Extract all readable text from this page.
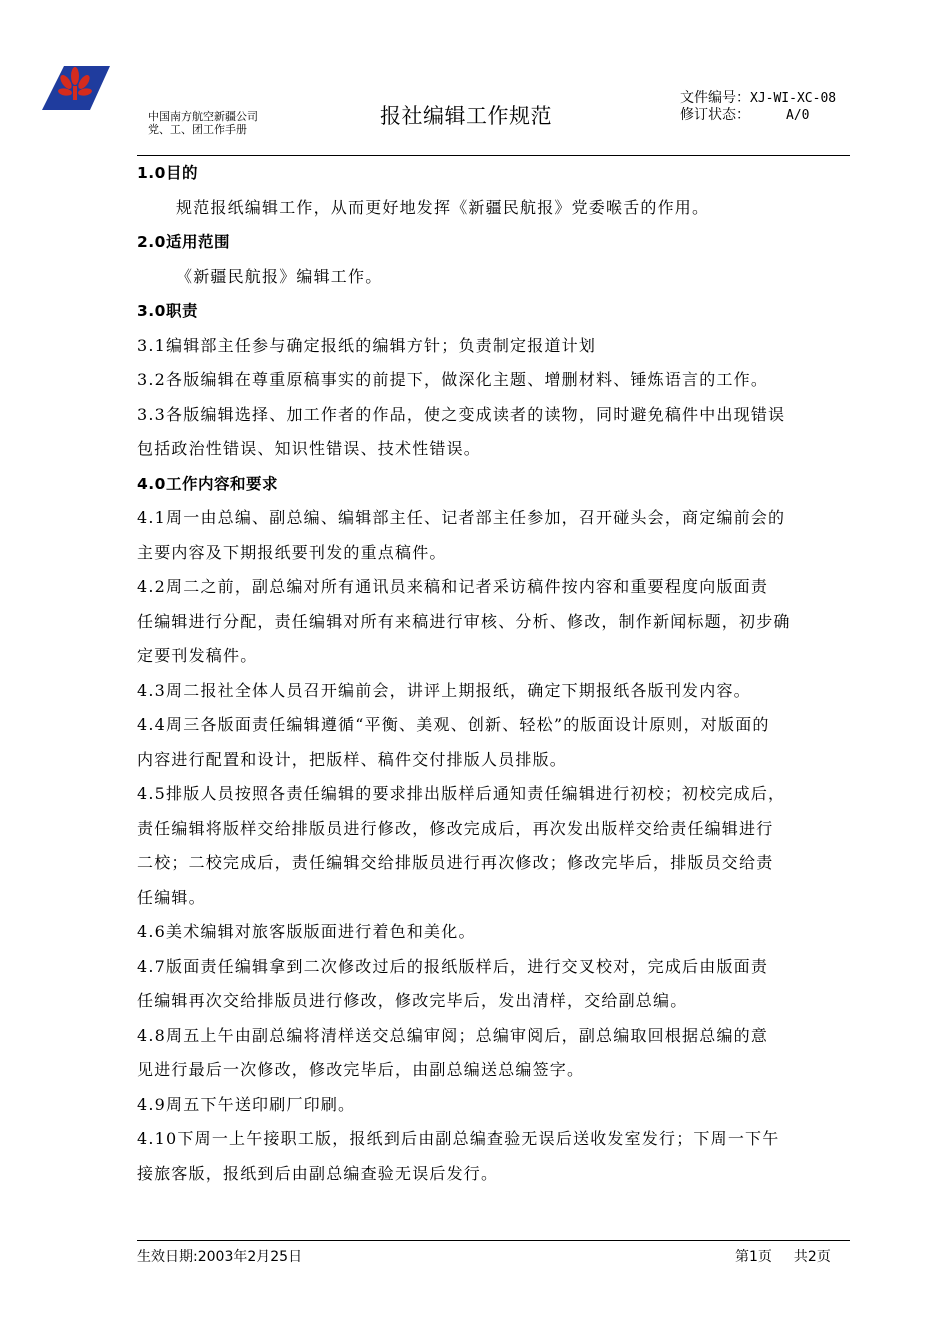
中国南方航空新疆公司
党、工、团工作手册
报社编辑工作规范
文件编号：XJ-WI-XC-08
修订状态：	A/0
1.0目的
规范报纸编辑工作，从而更好地发挥《新疆民航报》党委喉舌的作用。
2.0适用范围
《新疆民航报》编辑工作。
3.0职责
3.1编辑部主任参与确定报纸的编辑方针；负责制定报道计划
3.2各版编辑在尊重原稿事实的前提下，做深化主题、增删材料、锤炼语言的工作。
3.3各版编辑选择、加工作者的作品，使之变成读者的读物，同时避免稿件中出现错误
包括政治性错误、知识性错误、技术性错误。
4.0工作内容和要求
4.1周一由总编、副总编、编辑部主任、记者部主任参加，召开碰头会，商定编前会的
主要内容及下期报纸要刊发的重点稿件。
4.2周二之前，副总编对所有通讯员来稿和记者采访稿件按内容和重要程度向版面责
任编辑进行分配，责任编辑对所有来稿进行审核、分析、修改，制作新闻标题，初步确
定要刊发稿件。
4.3周二报社全体人员召开编前会，讲评上期报纸，确定下期报纸各版刊发内容。
4.4周三各版面责任编辑遵循“平衡、美观、创新、轻松”的版面设计原则，对版面的
内容进行配置和设计，把版样、稿件交付排版人员排版。
4.5排版人员按照各责任编辑的要求排出版样后通知责任编辑进行初校；初校完成后，
责任编辑将版样交给排版员进行修改，修改完成后，再次发出版样交给责任编辑进行
二校；二校完成后，责任编辑交给排版员进行再次修改；修改完毕后，排版员交给责
任编辑。
4.6美术编辑对旅客版版面进行着色和美化。
4.7版面责任编辑拿到二次修改过后的报纸版样后，进行交叉校对，完成后由版面责
任编辑再次交给排版员进行修改，修改完毕后，发出清样，交给副总编。
4.8周五上午由副总编将清样送交总编审阅；总编审阅后，副总编取回根据总编的意
见进行最后一次修改，修改完毕后，由副总编送总编签字。
4.9周五下午送印刷厂印刷。
4.10下周一上午接职工版，报纸到后由副总编查验无误后送收发室发行；下周一下午
接旅客版，报纸到后由副总编查验无误后发行。
生效日期:2003年2月25日	第1页 共2页
